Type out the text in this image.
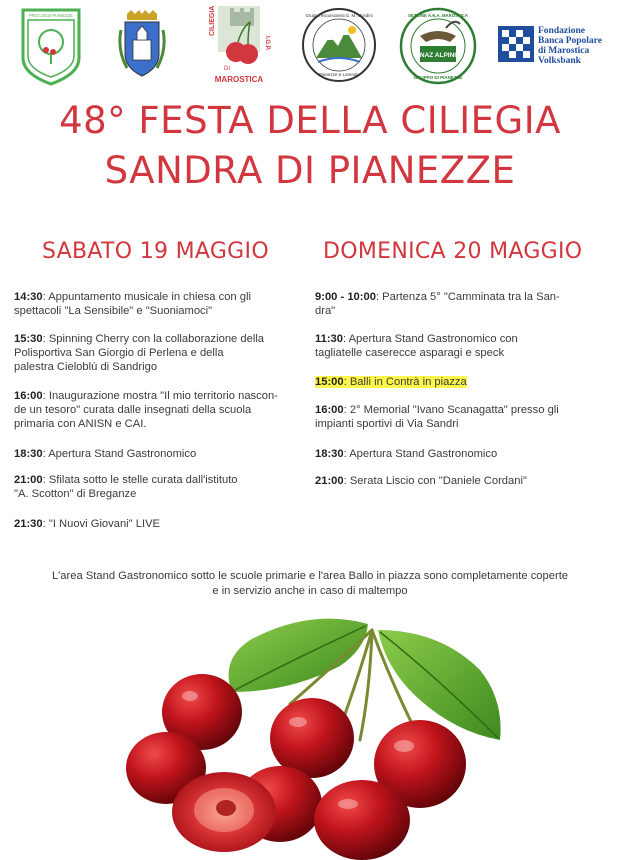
PRO LOCO PIANEZZE	CILIEGIA
DI
I.G.P.
MAROSTICA
Gruppo escursionisti G. M. Mondini
Pianezze e Lorendo
NAZ ALPINI
SEZIONE A.N.A. MAROSTICA
GRUPPO DI PIANEZZE
Fondazione
Banca Popolare
di Marostica
Volksbank
48° FESTA DELLA CILIEGIA
SANDRA DI PIANEZZE
SABATO 19 MAGGIO DOMENICA 20 MAGGIO
14:30: Appuntamento musicale in chiesa con gli
spettacoli "La Sensibile" e "Suoniamoci"
15:30: Spinning Cherry con la collaborazione della
Polisportiva San Giorgio di Perlena e della
palestra Cieloblù di Sandrigo
16:00: Inaugurazione mostra "Il mio territorio nascon-
de un tesoro" curata dalle insegnati della scuola
primaria con ANISN e CAI.
18:30: Apertura Stand Gastronomico
21:00: Sfilata sotto le stelle curata dall'istituto
"A. Scotton" di Breganze
21:30: "I Nuovi Giovani" LIVE
9:00 - 10:00: Partenza 5° "Camminata tra la San-
dra"
11:30: Apertura Stand Gastronomico con
tagliatelle caserecce asparagi e speck
15:00: Balli in Contrà in piazza
16:00: 2° Memorial "Ivano Scanagatta" presso gli
impianti sportivi di Via Sandri
18:30: Apertura Stand Gastronomico
21:00: Serata Liscio con "Daniele Cordani"
L'area Stand Gastronomico sotto le scuole primarie e l'area Ballo in piazza sono completamente coperte
e in servizio anche in caso di maltempo
